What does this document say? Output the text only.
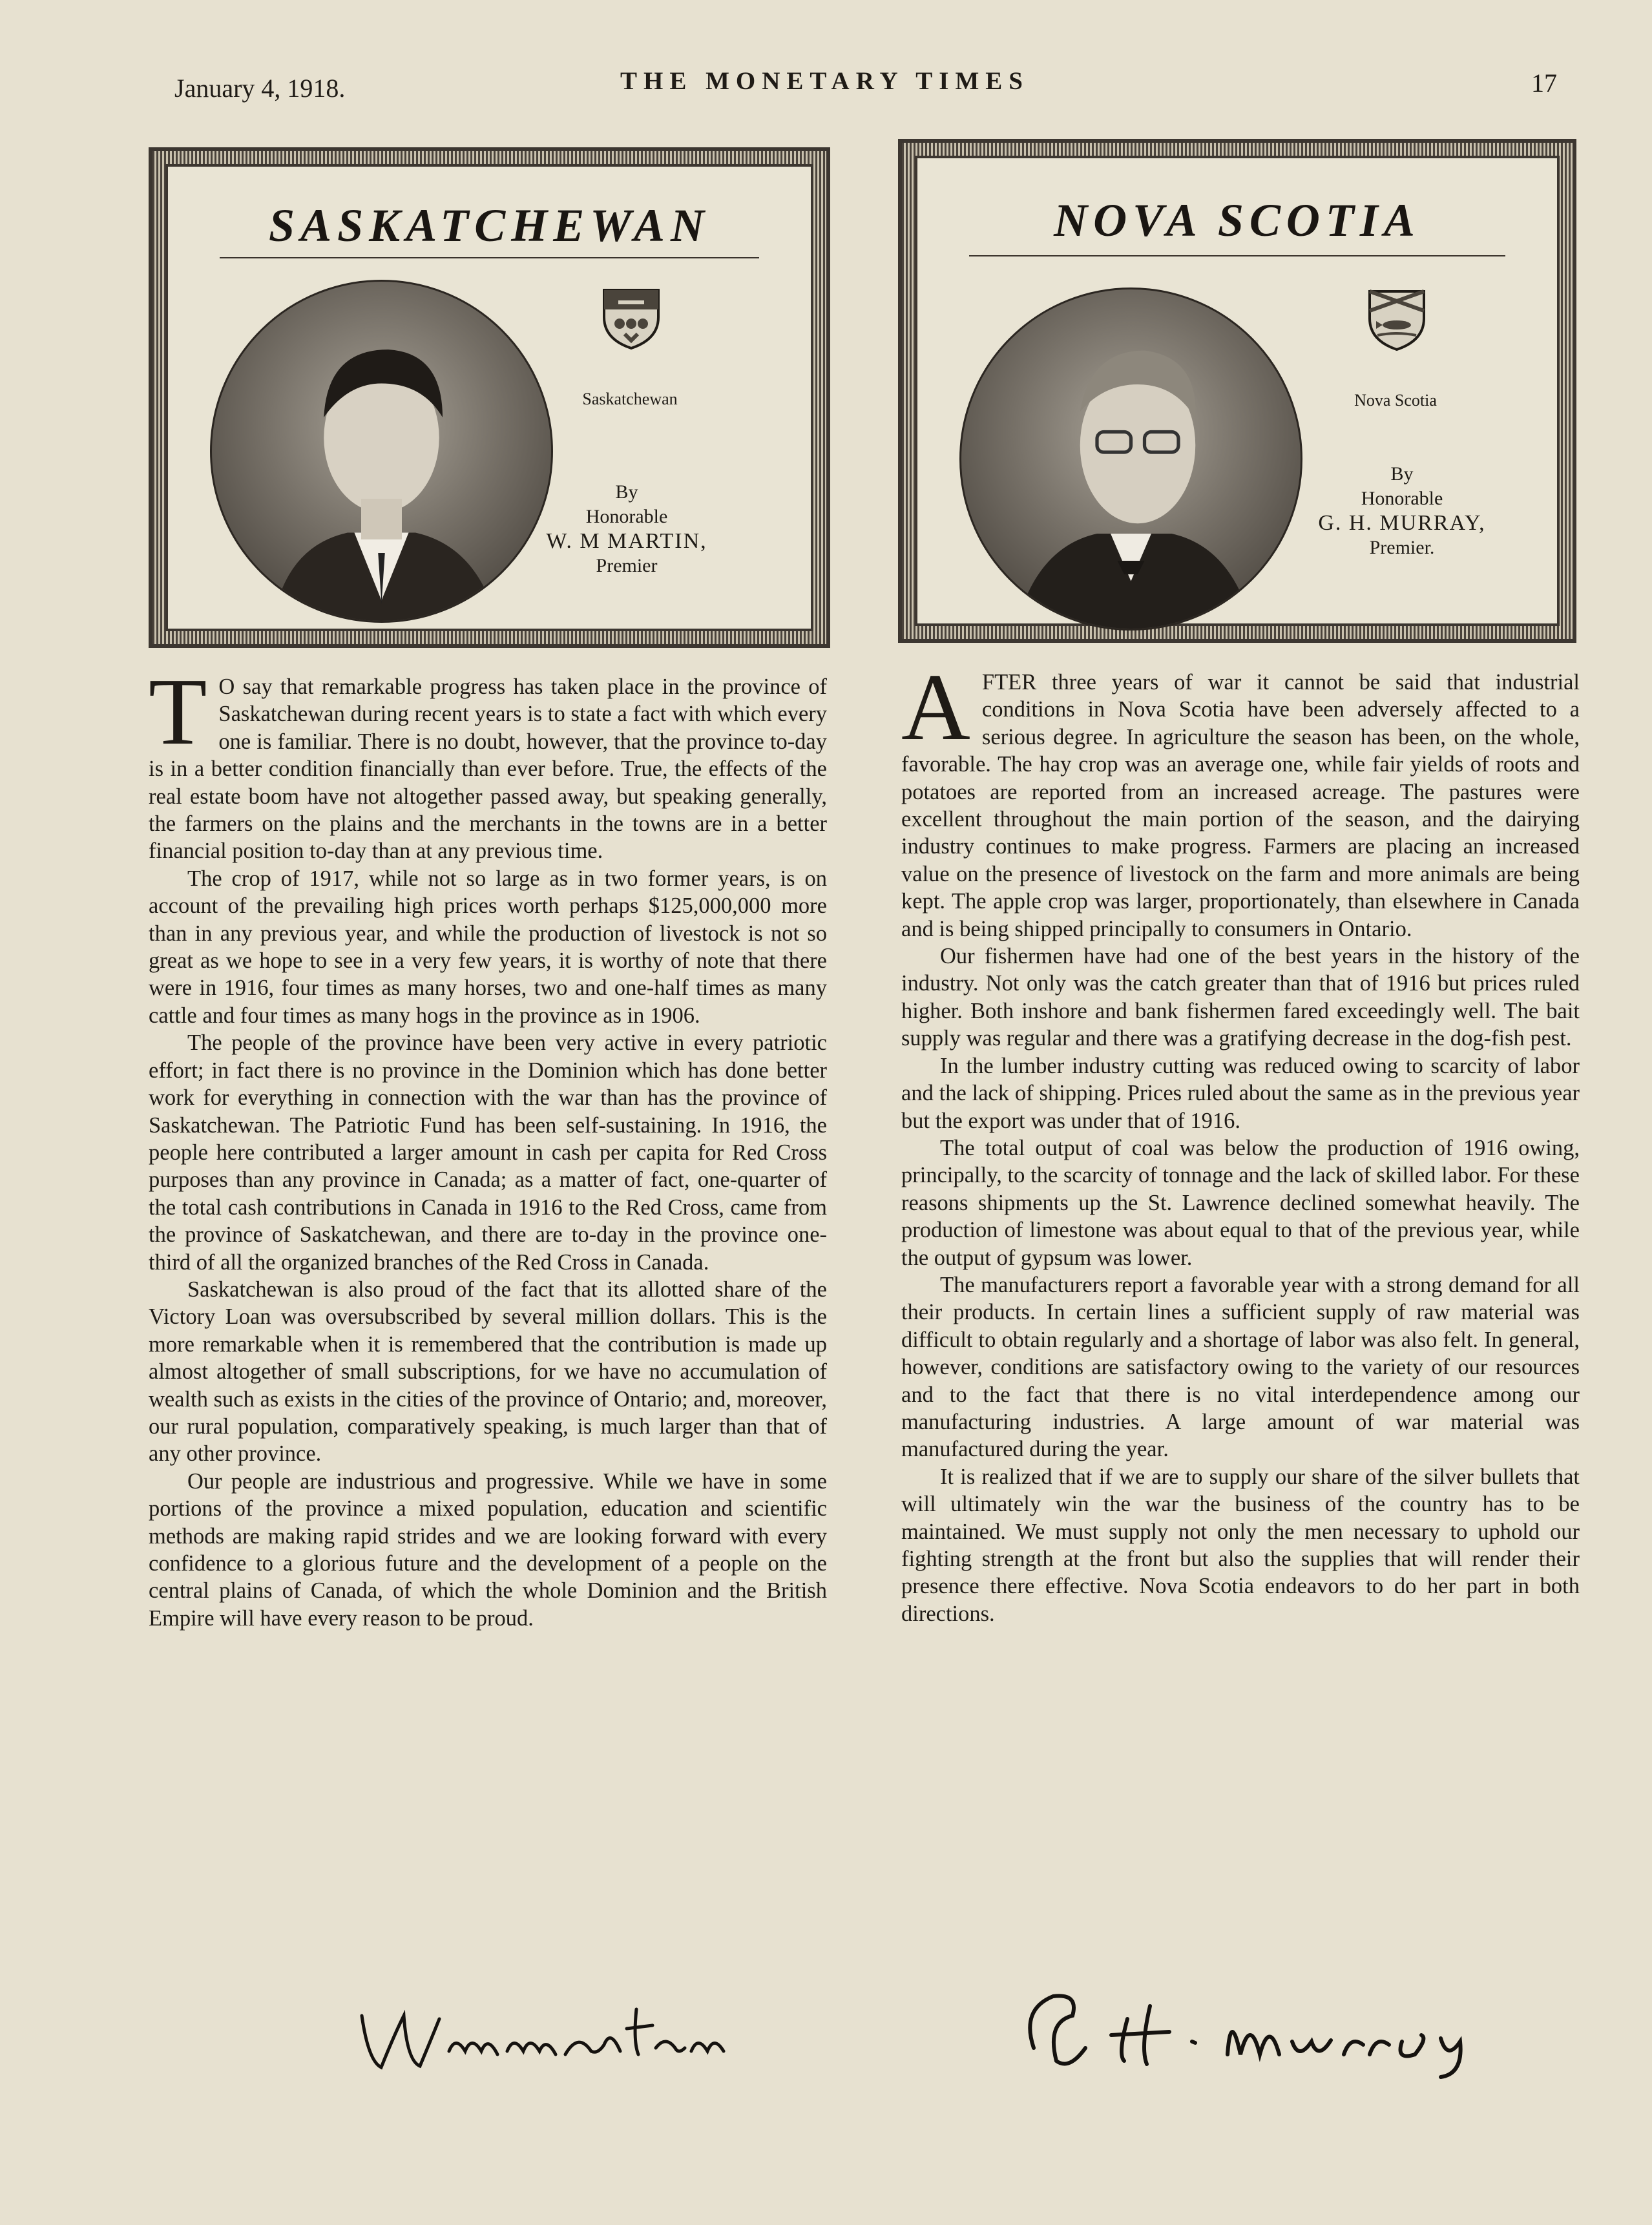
January 4, 1918.	THE MONETARY TIMES	17
SASKATCHEWAN
Saskatchewan
By
Honorable
W. M MARTIN,
Premier
NOVA SCOTIA
Nova Scotia
By
Honorable
G. H. MURRAY,
Premier.

T O say that remarkable progress has taken place in the province of Saskatchewan during recent years is to state a fact with which every one is familiar. There is no doubt, however, that the province to-day is in a better condition financially than ever before. True, the effects of the real estate boom have not altogether passed away, but speaking generally, the farmers on the plains and the merchants in the towns are in a better financial position to-day than at any previous time.

The crop of 1917, while not so large as in two former years, is on account of the prevailing high prices worth perhaps $125,000,000 more than in any previous year, and while the production of livestock is not so great as we hope to see in a very few years, it is worthy of note that there were in 1916, four times as many horses, two and one-half times as many cattle and four times as many hogs in the province as in 1906.

The people of the province have been very active in every patriotic effort; in fact there is no province in the Dominion which has done better work for everything in connection with the war than has the province of Saskatchewan. The Patriotic Fund has been self-sustaining. In 1916, the people here contributed a larger amount in cash per capita for Red Cross purposes than any province in Canada; as a matter of fact, one-quarter of the total cash contributions in Canada in 1916 to the Red Cross, came from the province of Saskatchewan, and there are to-day in the province one-third of all the organized branches of the Red Cross in Canada.

Saskatchewan is also proud of the fact that its allotted share of the Victory Loan was oversubscribed by several million dollars. This is the more remarkable when it is remembered that the contribution is made up almost altogether of small subscriptions, for we have no accumulation of wealth such as exists in the cities of the province of Ontario; and, moreover, our rural population, comparatively speaking, is much larger than that of any other province.

Our people are industrious and progressive. While we have in some portions of the province a mixed population, education and scientific methods are making rapid strides and we are looking forward with every confidence to a glorious future and the development of a people on the central plains of Canada, of which the whole Dominion and the British Empire will have every reason to be proud.

AFTER three years of war it cannot be said that industrial conditions in Nova Scotia have been adversely affected to a serious degree. In agriculture the season has been, on the whole, favorable. The hay crop was an average one, while fair yields of roots and potatoes are reported from an increased acreage. The pastures were excellent throughout the main portion of the season, and the dairying industry continues to make progress. Farmers are placing an increased value on the presence of livestock on the farm and more animals are being kept. The apple crop was larger, proportionately, than elsewhere in Canada and is being shipped principally to consumers in Ontario.

Our fishermen have had one of the best years in the history of the industry. Not only was the catch greater than that of 1916 but prices ruled higher. Both inshore and bank fishermen fared exceedingly well. The bait supply was regular and there was a gratifying decrease in the dog-fish pest.

In the lumber industry cutting was reduced owing to scarcity of labor and the lack of shipping. Prices ruled about the same as in the previous year but the export was under that of 1916.

The total output of coal was below the production of 1916 owing, principally, to the scarcity of tonnage and the lack of skilled labor. For these reasons shipments up the St. Lawrence declined somewhat heavily. The production of limestone was about equal to that of the previous year, while the output of gypsum was lower.

The manufacturers report a favorable year with a strong demand for all their products. In certain lines a sufficient supply of raw material was difficult to obtain regularly and a shortage of labor was also felt. In general, however, conditions are satisfactory owing to the variety of our resources and to the fact that there is no vital interdependence among our manufacturing industries. A large amount of war material was manufactured during the year.

It is realized that if we are to supply our share of the silver bullets that will ultimately win the war the business of the country has to be maintained. We must supply not only the men necessary to uphold our fighting strength at the front but also the supplies that will render their presence there effective. Nova Scotia endeavors to do her part in both directions.
